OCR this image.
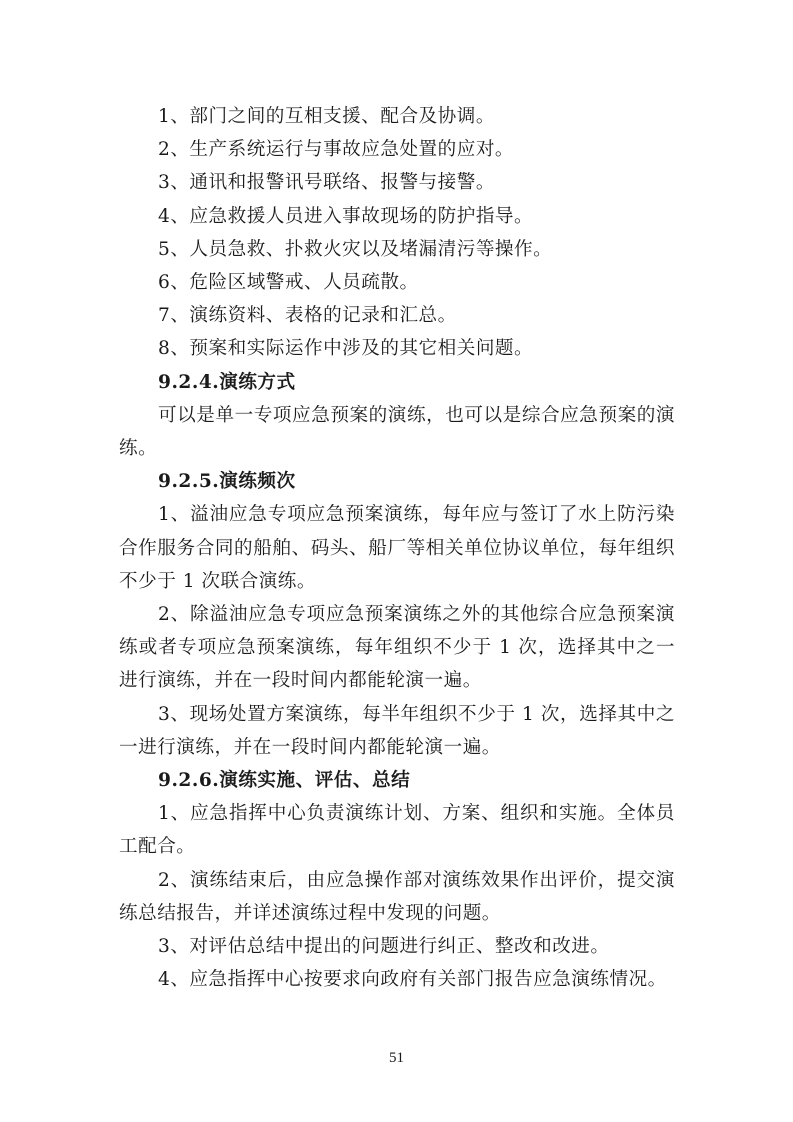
1、部门之间的互相支援、配合及协调。

2、生产系统运行与事故应急处置的应对。

3、通讯和报警讯号联络、报警与接警。

4、应急救援人员进入事故现场的防护指导。

5、人员急救、扑救火灾以及堵漏清污等操作。

6、危险区域警戒、人员疏散。

7、演练资料、表格的记录和汇总。

8、预案和实际运作中涉及的其它相关问题。

9.2.4.演练方式

可以是单一专项应急预案的演练，也可以是综合应急预案的演练。

9.2.5.演练频次

1、溢油应急专项应急预案演练，每年应与签订了水上防污染合作服务合同的船舶、码头、船厂等相关单位协议单位，每年组织不少于 1 次联合演练。

2、除溢油应急专项应急预案演练之外的其他综合应急预案演练或者专项应急预案演练，每年组织不少于 1 次，选择其中之一进行演练，并在一段时间内都能轮演一遍。

3、现场处置方案演练，每半年组织不少于 1 次，选择其中之一进行演练，并在一段时间内都能轮演一遍。

9.2.6.演练实施、评估、总结

1、应急指挥中心负责演练计划、方案、组织和实施。全体员工配合。

2、演练结束后，由应急操作部对演练效果作出评价，提交演练总结报告，并详述演练过程中发现的问题。

3、对评估总结中提出的问题进行纠正、整改和改进。

4、应急指挥中心按要求向政府有关部门报告应急演练情况。

51
